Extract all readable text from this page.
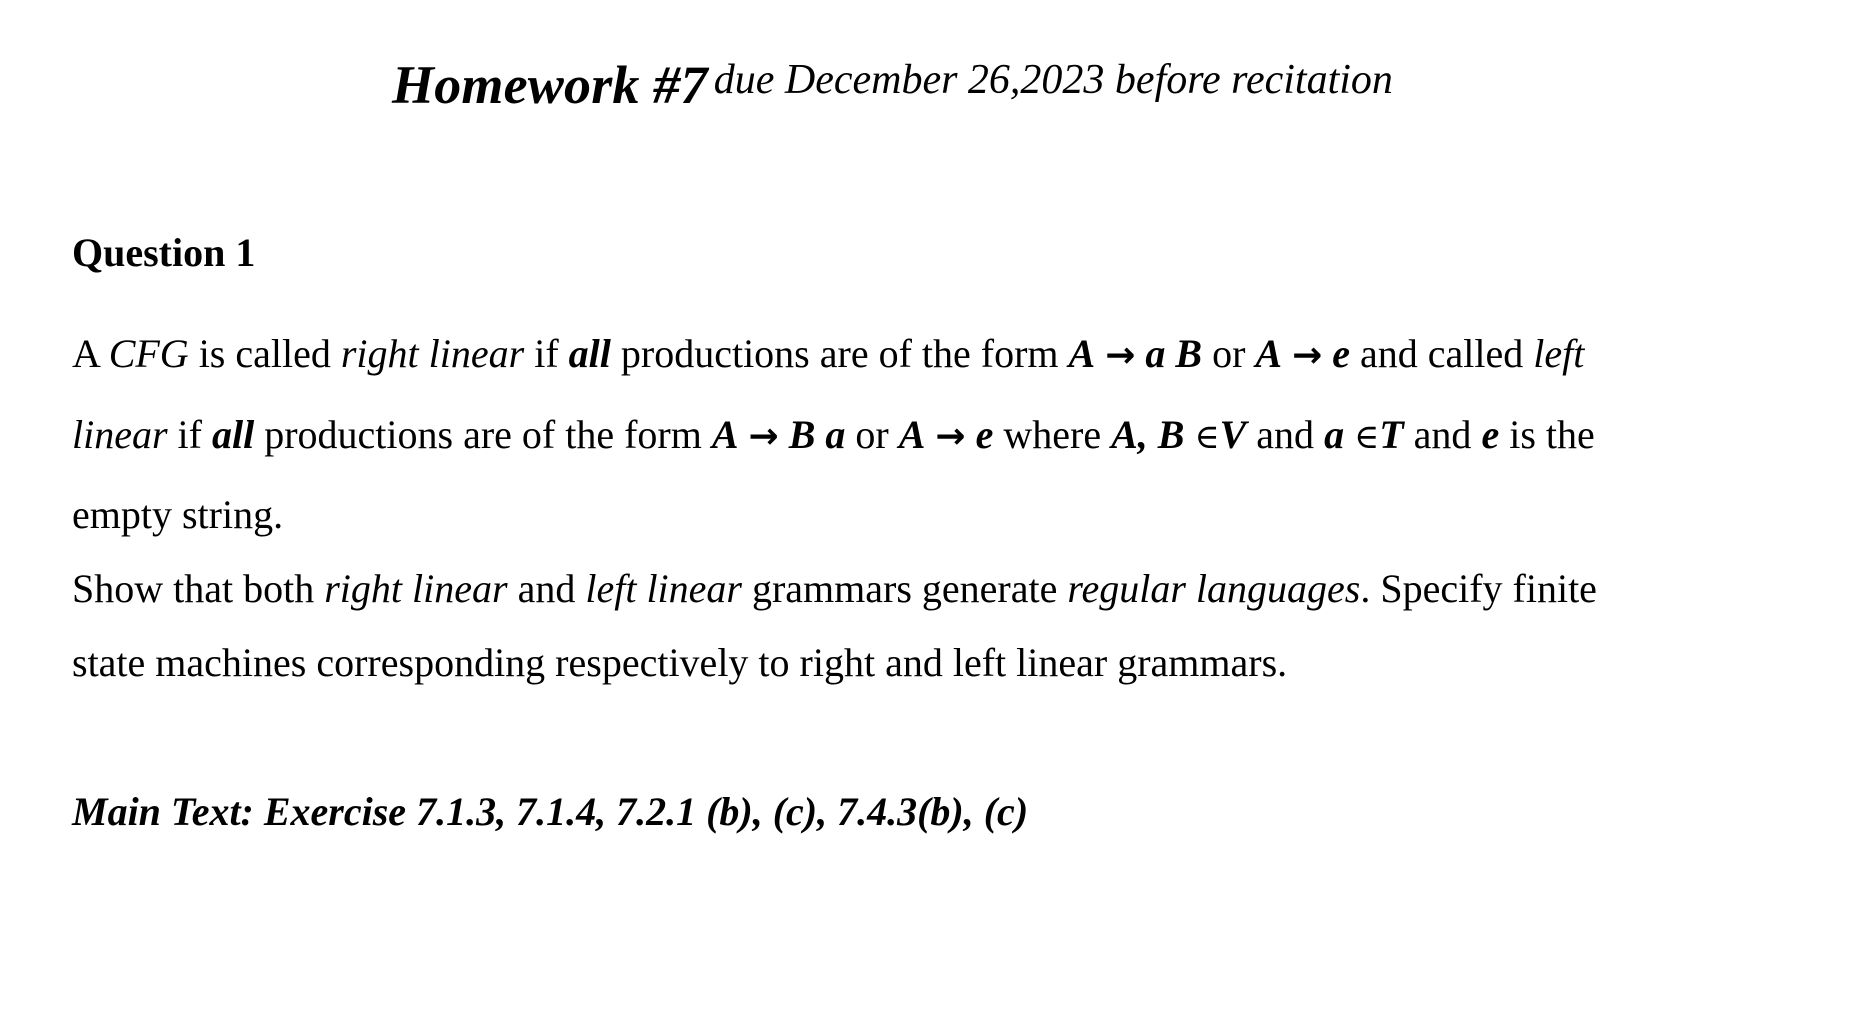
Homework #7 due December 26,2023 before recitation
Question 1
A CFG is called right linear if all productions are of the form A → a B or A → e and called left
linear if all productions are of the form A → B a or A → e where A, B ∈V and a ∈T and e is the
empty string.
Show that both right linear and left linear grammars generate regular languages. Specify finite
state machines corresponding respectively to right and left linear grammars.
Main Text: Exercise 7.1.3, 7.1.4, 7.2.1 (b), (c), 7.4.3(b), (c)
